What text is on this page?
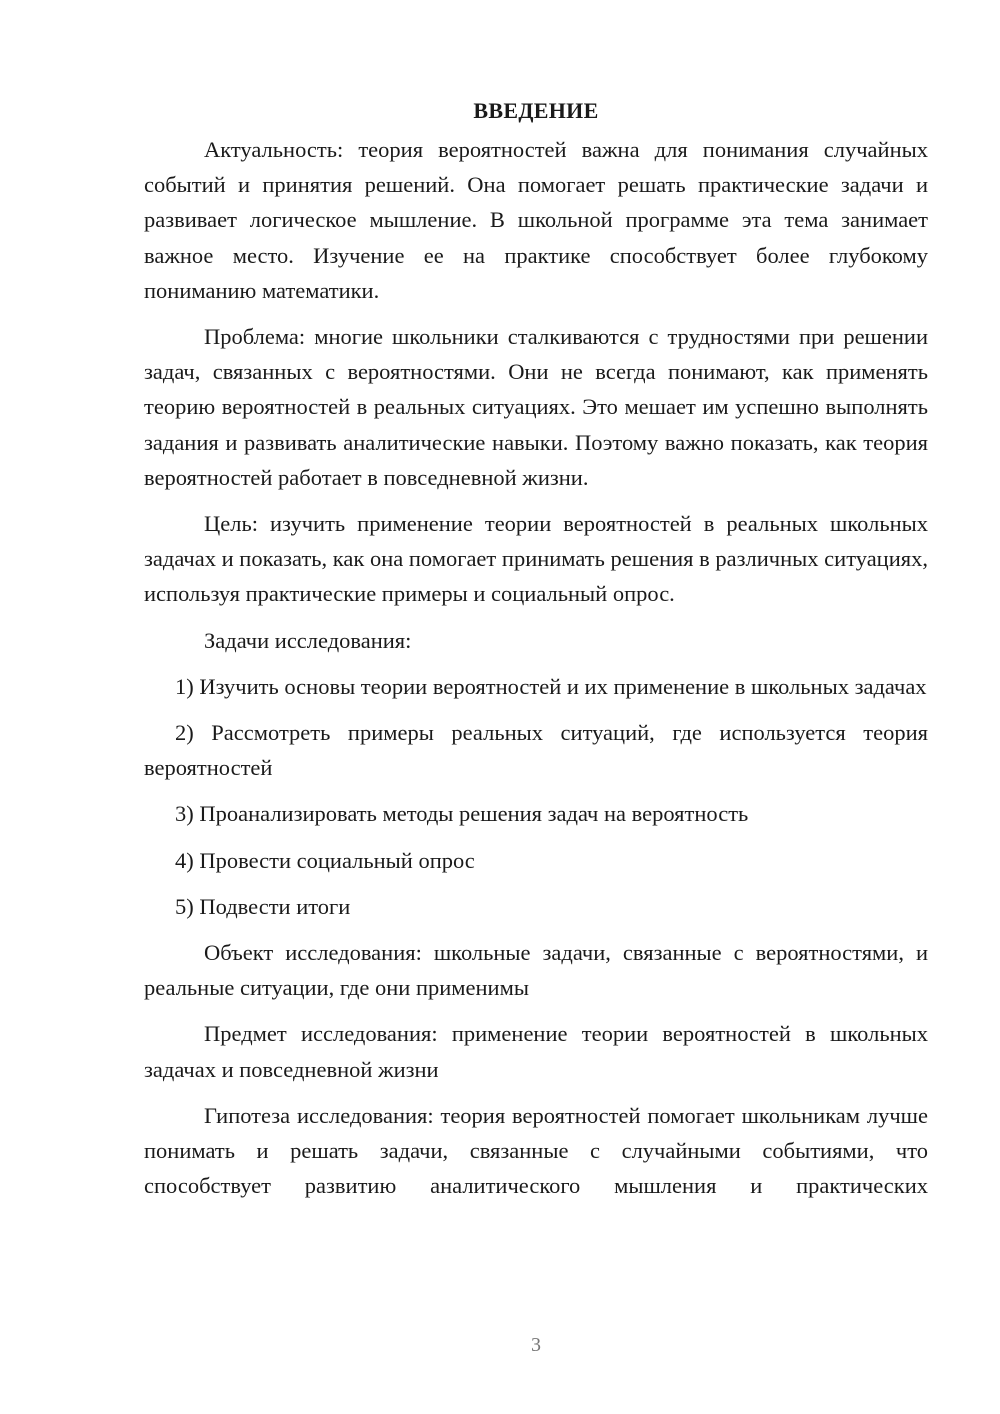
ВВЕДЕНИЕ

Актуальность: теория вероятностей важна для понимания случайных событий и принятия решений. Она помогает решать практические задачи и развивает логическое мышление. В школьной программе эта тема занимает важное место. Изучение ее на практике способствует более глубокому пониманию математики.

Проблема: многие школьники сталкиваются с трудностями при решении задач, связанных с вероятностями. Они не всегда понимают, как применять теорию вероятностей в реальных ситуациях. Это мешает им успешно выполнять задания и развивать аналитические навыки. Поэтому важно показать, как теория вероятностей работает в повседневной жизни.

Цель: изучить применение теории вероятностей в реальных школьных задачах и показать, как она помогает принимать решения в различных ситуациях, используя практические примеры и социальный опрос.

Задачи исследования:

1) Изучить основы теории вероятностей и их применение в школьных задачах

2) Рассмотреть примеры реальных ситуаций, где используется теория вероятностей

3) Проанализировать методы решения задач на вероятность

4) Провести социальный опрос

5) Подвести итоги

Объект исследования: школьные задачи, связанные с вероятностями, и реальные ситуации, где они применимы

Предмет исследования: применение теории вероятностей в школьных задачах и повседневной жизни

Гипотеза исследования: теория вероятностей помогает школьникам лучше понимать и решать задачи, связанные с случайными событиями, что способствует развитию аналитического мышления и практических

3
